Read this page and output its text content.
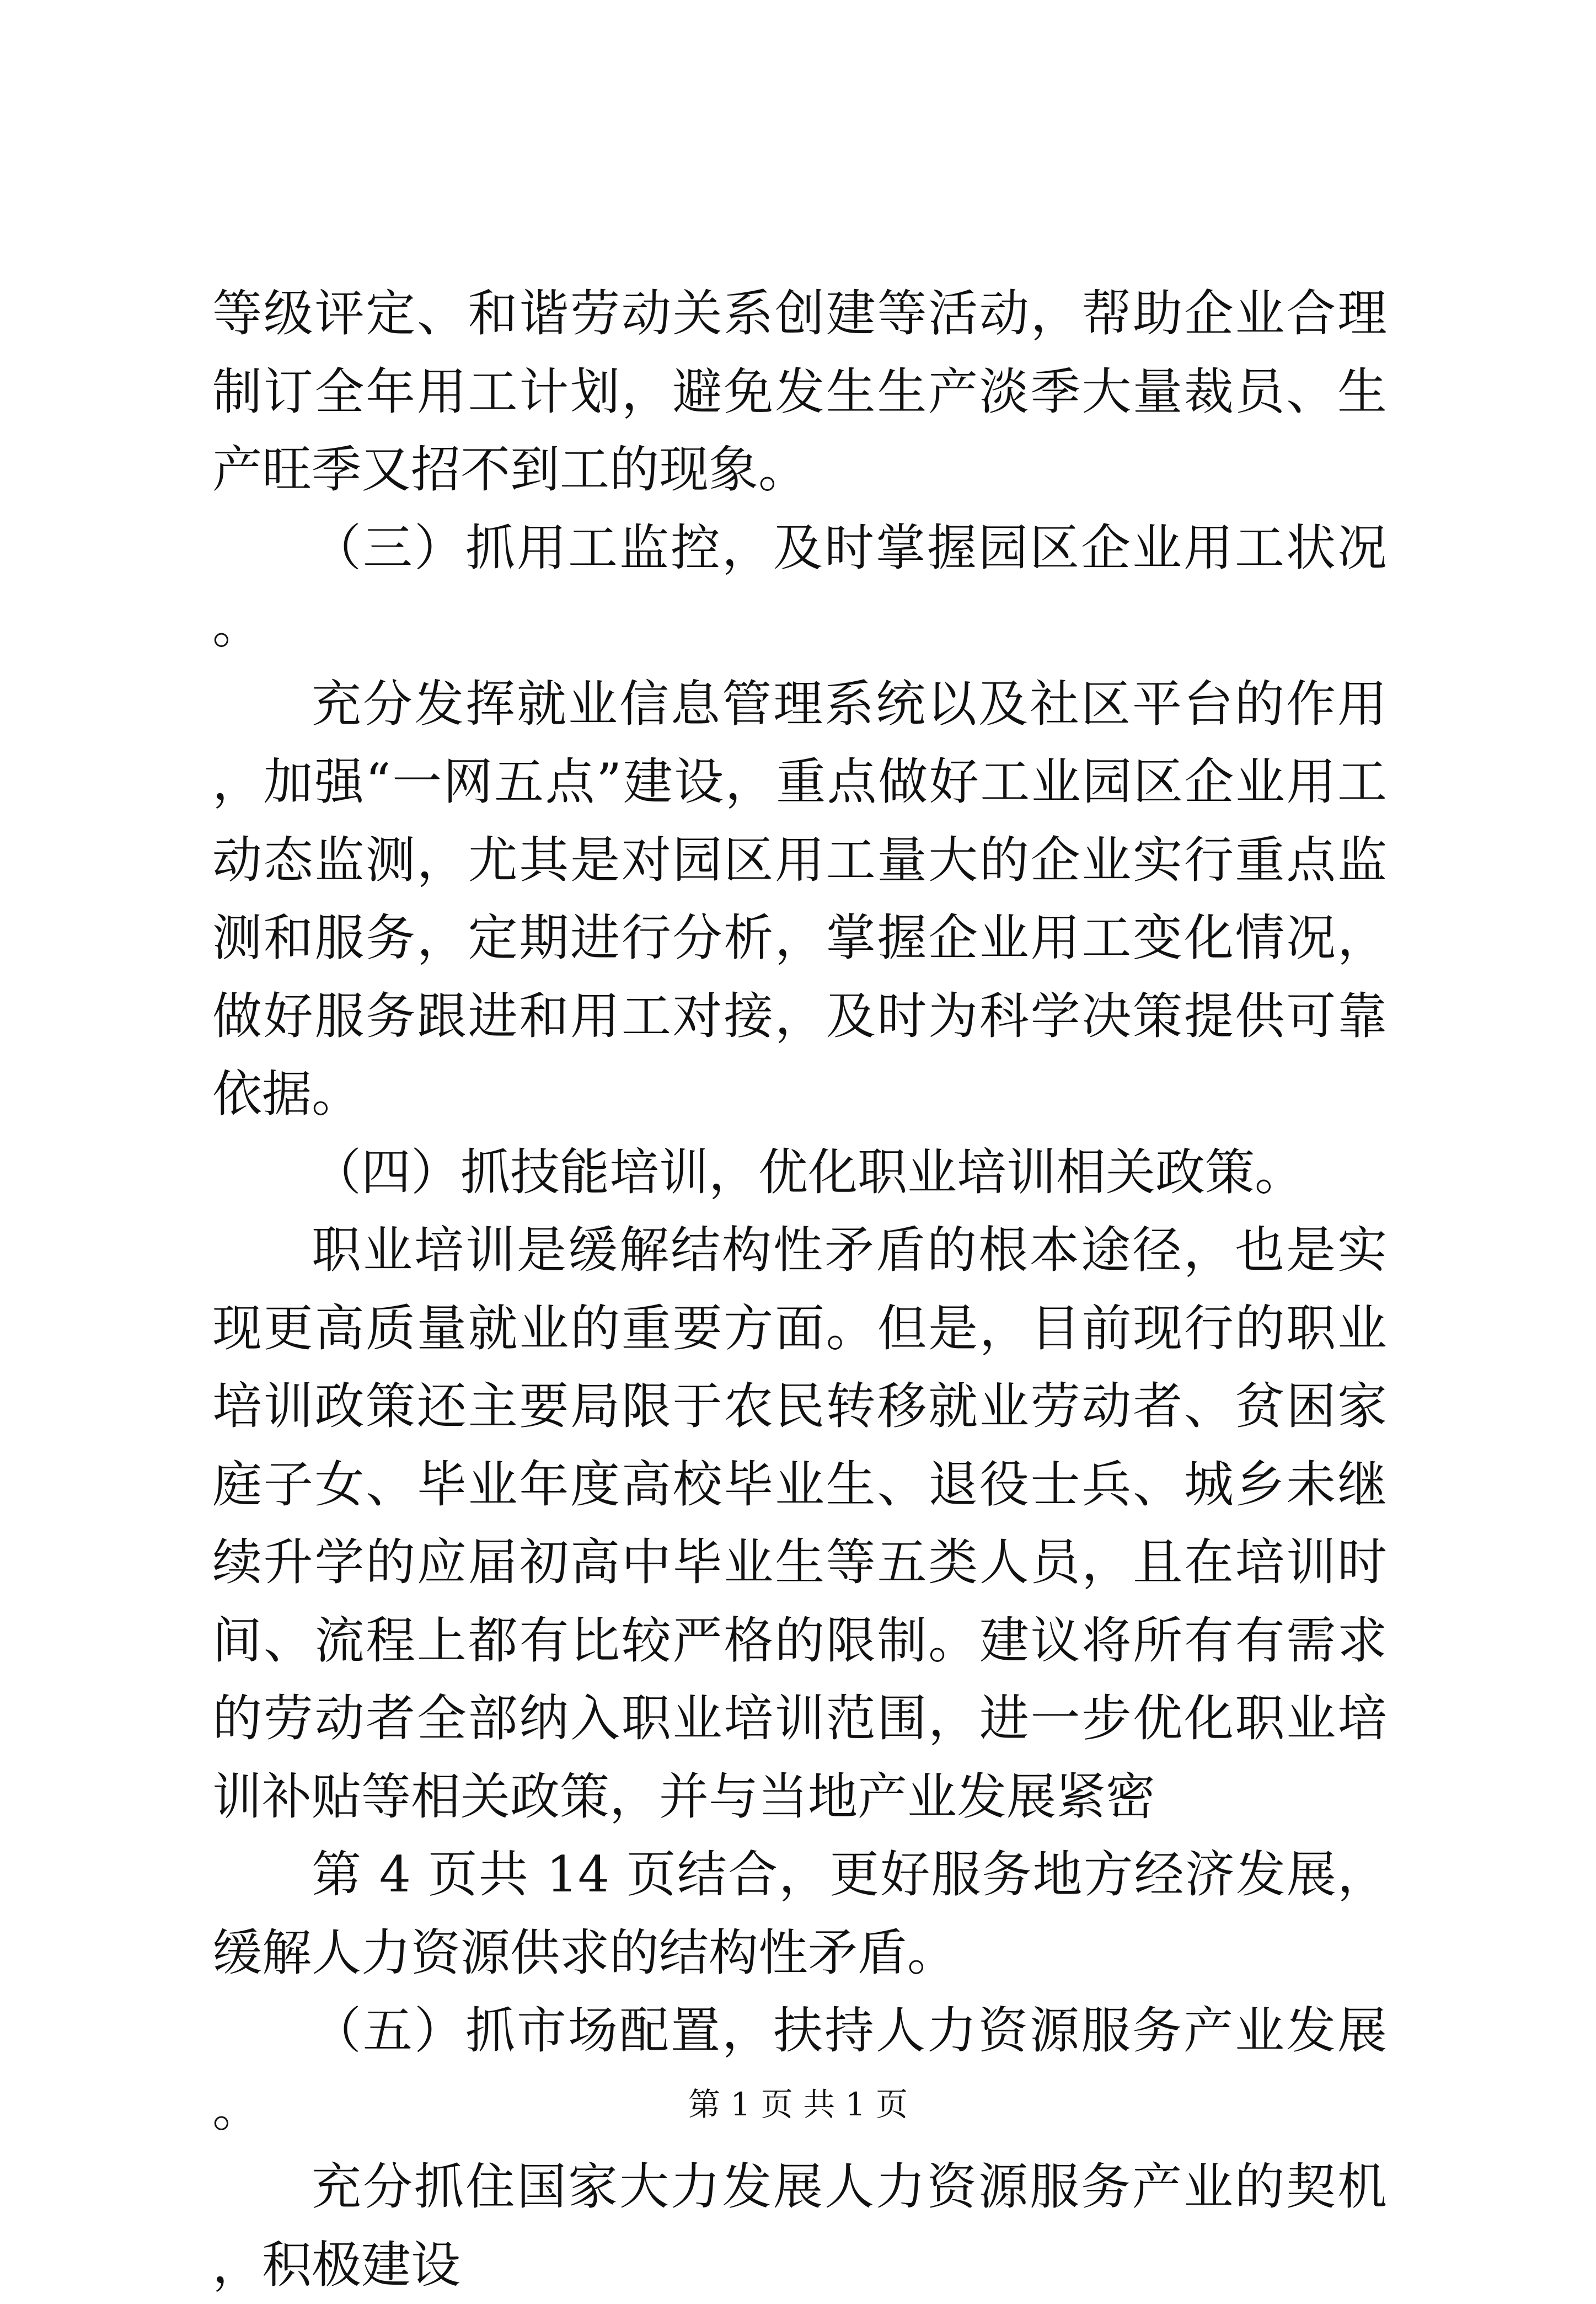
等级评定、和谐劳动关系创建等活动，帮助企业合理制订全年用工计划，避免发生生产淡季大量裁员、生产旺季又招不到工的现象。

（三）抓用工监控，及时掌握园区企业用工状况。

充分发挥就业信息管理系统以及社区平台的作用，加强“一网五点”建设，重点做好工业园区企业用工动态监测，尤其是对园区用工量大的企业实行重点监测和服务，定期进行分析，掌握企业用工变化情况，做好服务跟进和用工对接，及时为科学决策提供可靠依据。

（四）抓技能培训，优化职业培训相关政策。

职业培训是缓解结构性矛盾的根本途径，也是实现更高质量就业的重要方面。但是，目前现行的职业培训政策还主要局限于农民转移就业劳动者、贫困家庭子女、毕业年度高校毕业生、退役士兵、城乡未继续升学的应届初高中毕业生等五类人员，且在培训时间、流程上都有比较严格的限制。建议将所有有需求的劳动者全部纳入职业培训范围，进一步优化职业培训补贴等相关政策，并与当地产业发展紧密

第 4 页共 14 页结合，更好服务地方经济发展，缓解人力资源供求的结构性矛盾。

（五）抓市场配置，扶持人力资源服务产业发展。

充分抓住国家大力发展人力资源服务产业的契机，积极建设

第 1 页 共 1 页
